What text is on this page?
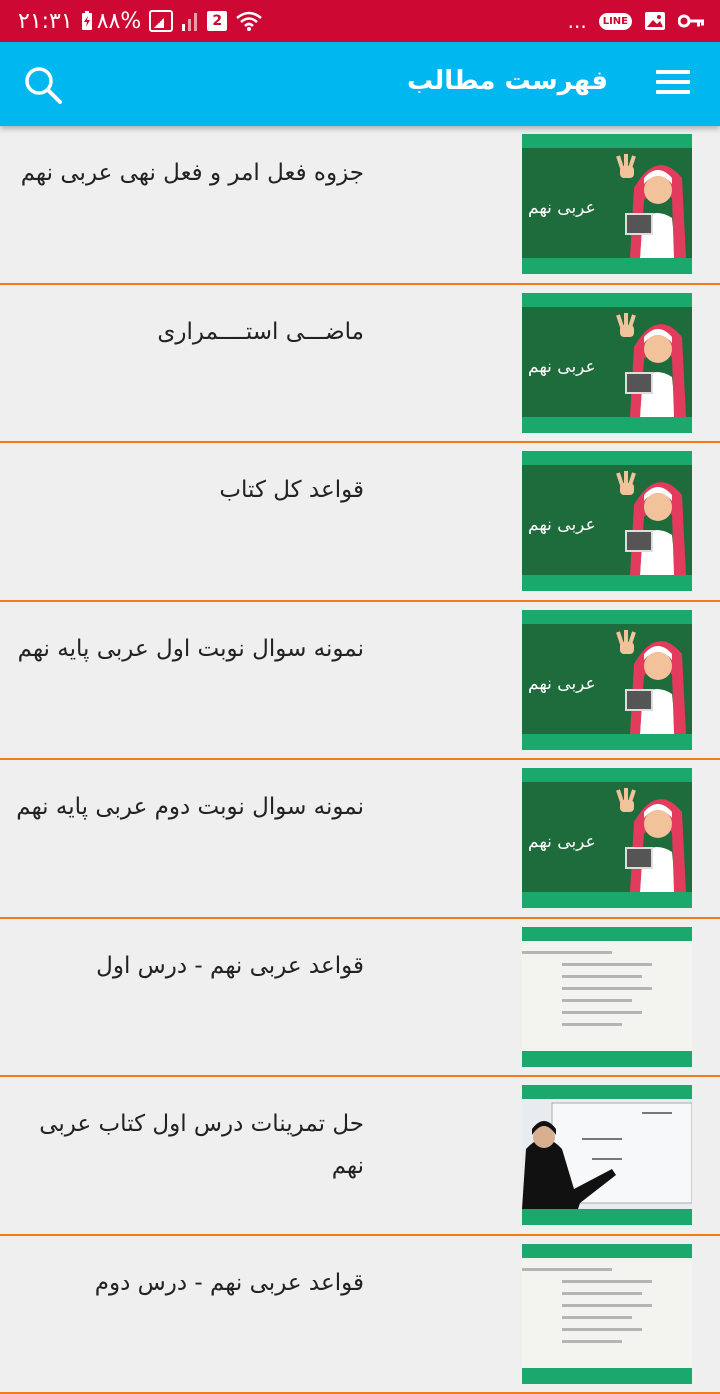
۲۱:۳۱ ۸۸%	2	...	LINE
فهرست مطالب
جزوه فعل امر و فعل نهی عربی نهم
عربی نهم
ماضـــی استــــمراری
عربی نهم
قواعد کل کتاب
عربی نهم
نمونه سوال نوبت اول عربی پایه نهم
عربی نهم
نمونه سوال نوبت دوم عربی پایه نهم
عربی نهم
قواعد عربی نهم - درس اول
حل تمرینات درس اول کتاب عربی نهم
قواعد عربی نهم - درس دوم
